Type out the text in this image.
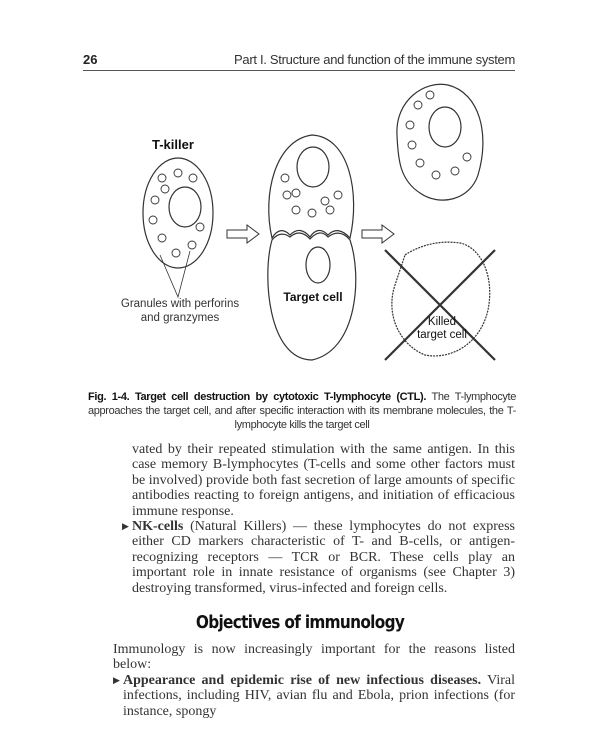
26	Part I. Structure and function of the immune system
T-killer
Granules with perforins
and granzymes
Target cell
Killed
target cell
Fig. 1-4. Target cell destruction by cytotoxic T-lymphocyte (CTL). The T-lymphocyte approaches the target cell, and after specific interaction with its membrane molecules, the T-lymphocyte kills the target cell
vated by their repeated stimulation with the same antigen. In this case memory B-lymphocytes (T-cells and some other factors must be involved) provide both fast secretion of large amounts of specific antibodies reacting to foreign antigens, and initiation of efficacious immune response.
▶ NK-cells (Natural Killers) — these lymphocytes do not express either CD markers characteristic of T- and B-cells, or antigen-recognizing receptors — TCR or BCR. These cells play an important role in innate resistance of organisms (see Chapter 3) destroying transformed, virus-infected and foreign cells.
Objectives of immunology
Immunology is now increasingly important for the reasons listed below:
▶ Appearance and epidemic rise of new infectious diseases. Viral infections, including HIV, avian flu and Ebola, prion infections (for instance, spongy
